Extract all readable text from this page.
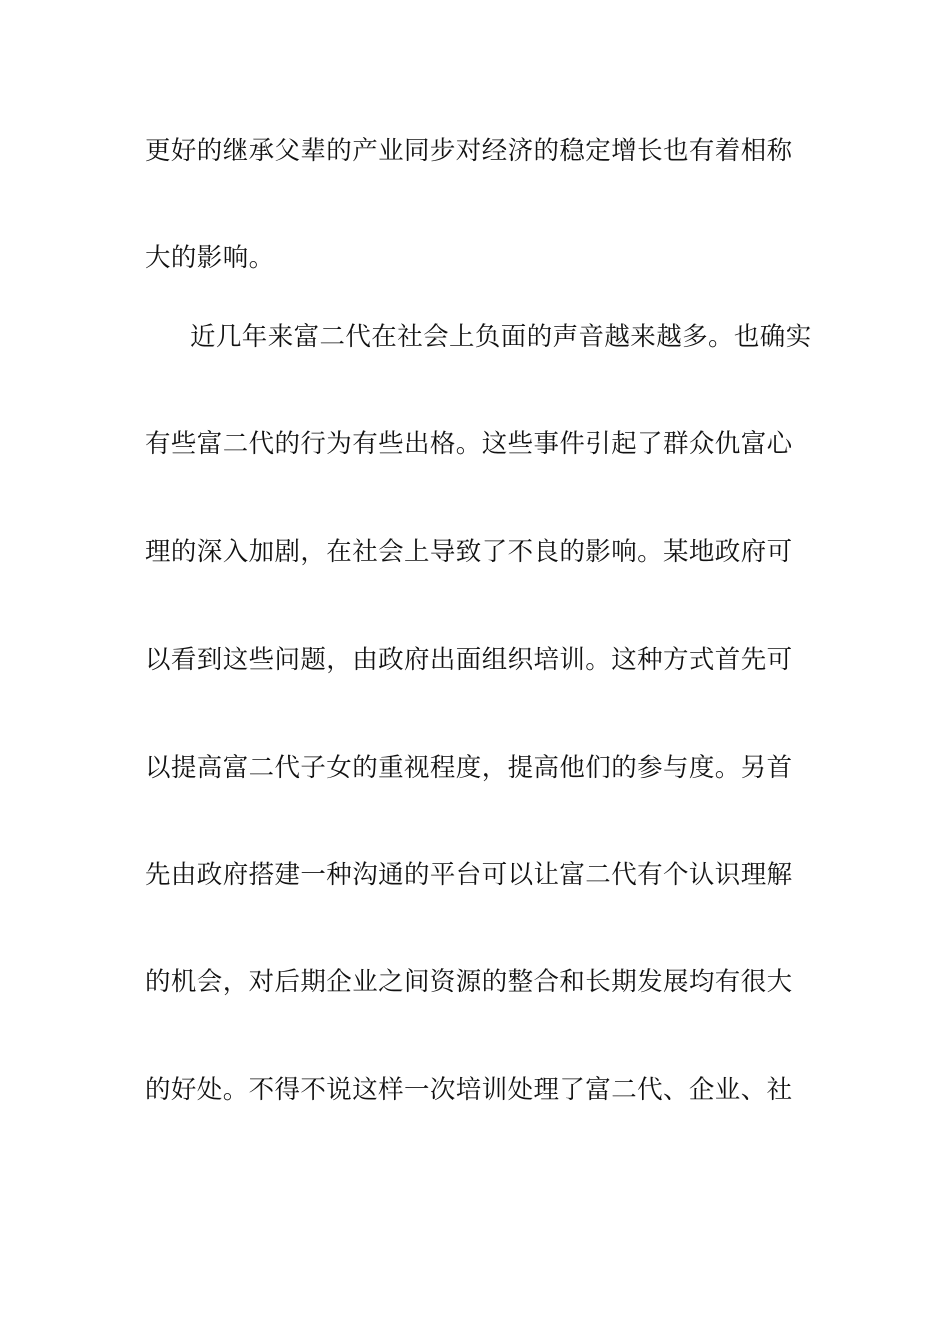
更好的继承父辈的产业同步对经济的稳定增长也有着相称
大的影响。
近几年来富二代在社会上负面的声音越来越多。也确实
有些富二代的行为有些出格。这些事件引起了群众仇富心
理的深入加剧，在社会上导致了不良的影响。某地政府可
以看到这些问题，由政府出面组织培训。这种方式首先可
以提高富二代子女的重视程度，提高他们的参与度。另首
先由政府搭建一种沟通的平台可以让富二代有个认识理解
的机会，对后期企业之间资源的整合和长期发展均有很大
的好处。不得不说这样一次培训处理了富二代、企业、社
